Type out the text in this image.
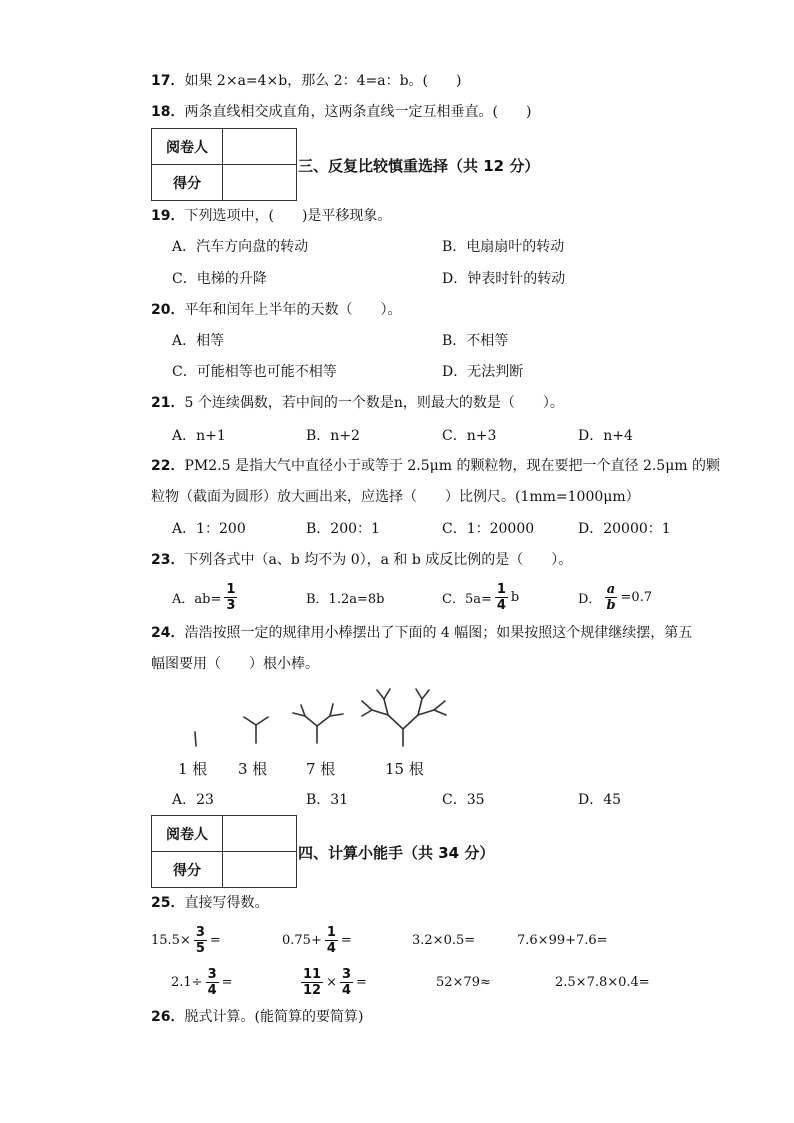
17．如果 2×a=4×b，那么 2：4=a：b。(　　)
18．两条直线相交成直角，这两条直线一定互相垂直。(　　)
阅卷人	
得分	
三、反复比较慎重选择（共 12 分）
19．下列选项中，(　　)是平移现象。
A．汽车方向盘的转动	B．电扇扇叶的转动
C．电梯的升降	D．钟表时针的转动
20．平年和闰年上半年的天数（　　）。
A．相等	B．不相等
C．可能相等也可能不相等	D．无法判断
21．5 个连续偶数，若中间的一个数是n，则最大的数是（　　）。
A．n+1	B．n+2	C．n+3	D．n+4
22．PM2.5 是指大气中直径小于或等于 2.5μm 的颗粒物，现在要把一个直径 2.5μm 的颗
粒物（截面为圆形）放大画出来，应选择（　　）比例尺。(1mm=1000μm）
A．1：200	B．200：1	C．1：20000	D．20000：1
23．下列各式中（a、b 均不为 0），a 和 b 成反比例的是（　　）。
A．$ab= \frac{1}{3}$	B．1.2a=8b	C．$5a= \frac{1}{4}$ b	D． $\frac{a}{b} =0.7$
24．浩浩按照一定的规律用小棒摆出了下面的 4 幅图；如果按照这个规律继续摆，第五
幅图要用（　　）根小棒。
1 根 3 根	7 根	15 根
A．23	B．31	C．35	D．45
阅卷人	
得分	
四、计算小能手（共 34 分）
25．直接写得数。
$15.5\times \frac{3}{5}$ =	$0.75+ \frac{1}{4}$ =	3.2×0.5=	7.6×99+7.6=
$2.1\div \frac{3}{4}$ =	$\frac{11}{12} \times \frac{3}{4}$ =	52×79≈	2.5×7.8×0.4=
26．脱式计算。(能简算的要简算)
